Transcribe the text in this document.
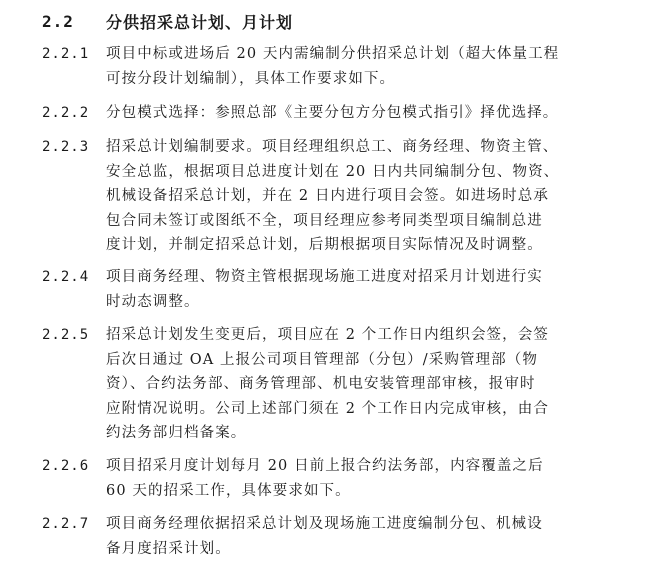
2.2	分供招采总计划、月计划
2.2.1	项目中标或进场后 20 天内需编制分供招采总计划（超大体量工程
可按分段计划编制），具体工作要求如下。
2.2.2	分包模式选择：参照总部《主要分包方分包模式指引》择优选择。
2.2.3	招采总计划编制要求。项目经理组织总工、商务经理、物资主管、
安全总监，根据项目总进度计划在 20 日内共同编制分包、物资、
机械设备招采总计划，并在 2 日内进行项目会签。如进场时总承
包合同未签订或图纸不全，项目经理应参考同类型项目编制总进
度计划，并制定招采总计划，后期根据项目实际情况及时调整。
2.2.4	项目商务经理、物资主管根据现场施工进度对招采月计划进行实
时动态调整。
2.2.5	招采总计划发生变更后，项目应在 2 个工作日内组织会签，会签
后次日通过 OA 上报公司项目管理部（分包）/采购管理部（物
资）、合约法务部、商务管理部、机电安装管理部审核，报审时
应附情况说明。公司上述部门须在 2 个工作日内完成审核，由合
约法务部归档备案。
2.2.6	项目招采月度计划每月 20 日前上报合约法务部，内容覆盖之后
60 天的招采工作，具体要求如下。
2.2.7	项目商务经理依据招采总计划及现场施工进度编制分包、机械设
备月度招采计划。
